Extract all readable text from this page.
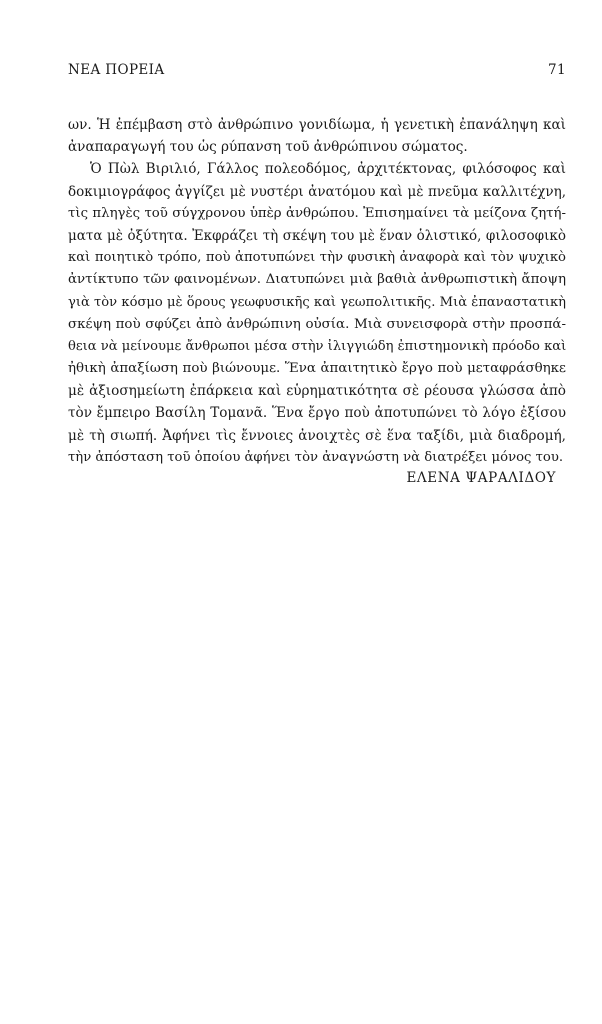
ΝΕΑ ΠΟΡΕΙΑ	71
ων. Ἡ ἐπέμβαση στὸ ἀνθρώπινο γονιδίωμα, ἡ γενετικὴ ἐπανάληψη καὶ
ἀναπαραγωγή του ὡς ρύπανση τοῦ ἀνθρώπινου σώματος.
Ὁ Πὼλ Βιριλιό, Γάλλος πολεοδόμος, ἀρχιτέκτονας, φιλόσοφος καὶ
δοκιμιογράφος ἀγγίζει μὲ νυστέρι ἀνατόμου καὶ μὲ πνεῦμα καλλιτέχνη,
τὶς πληγὲς τοῦ σύγχρονου ὑπὲρ ἀνθρώπου. Ἐπισημαίνει τὰ μείζονα ζητή-
ματα μὲ ὀξύτητα. Ἐκφράζει τὴ σκέψη του μὲ ἕναν ὁλιστικό, φιλοσοφικὸ
καὶ ποιητικὸ τρόπο, ποὺ ἀποτυπώνει τὴν φυσικὴ ἀναφορὰ καὶ τὸν ψυχικὸ
ἀντίκτυπο τῶν φαινομένων. Διατυπώνει μιὰ βαθιὰ ἀνθρωπιστικὴ ἄποψη
γιὰ τὸν κόσμο μὲ ὅρους γεωφυσικῆς καὶ γεωπολιτικῆς. Μιὰ ἐπαναστατικὴ
σκέψη ποὺ σφύζει ἀπὸ ἀνθρώπινη οὐσία. Μιὰ συνεισφορὰ στὴν προσπά-
θεια νὰ μείνουμε ἄνθρωποι μέσα στὴν ἰλιγγιώδη ἐπιστημονικὴ πρόοδο καὶ
ἠθικὴ ἀπαξίωση ποὺ βιώνουμε. Ἕνα ἀπαιτητικὸ ἔργο ποὺ μεταφράσθηκε
μὲ ἀξιοσημείωτη ἐπάρκεια καὶ εὑρηματικότητα σὲ ρέουσα γλώσσα ἀπὸ
τὸν ἔμπειρο Βασίλη Τομανᾶ. Ἕνα ἔργο ποὺ ἀποτυπώνει τὸ λόγο ἐξίσου
μὲ τὴ σιωπή. Ἀφήνει τὶς ἔννοιες ἀνοιχτὲς σὲ ἕνα ταξίδι, μιὰ διαδρομή,
τὴν ἀπόσταση τοῦ ὁποίου ἀφήνει τὸν ἀναγνώστη νὰ διατρέξει μόνος του.
ΕΛΕΝΑ ΨΑΡΑΛΙΔΟΥ
